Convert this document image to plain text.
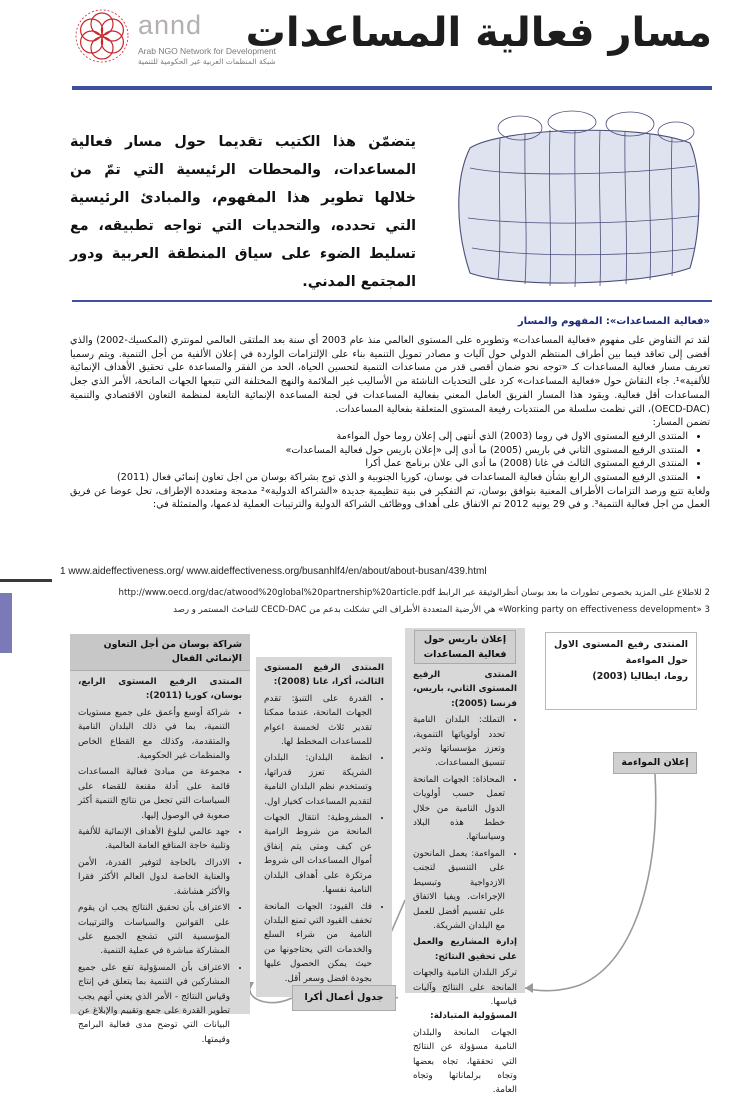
annd
Arab NGO Network for Development
شبكة المنظمات العربية غير الحكومية للتنمية
مسار فعالية المساعدات

يتضمّن هذا الكتيب تقديما حول مسار فعالية المساعدات، والمحطات الرئيسية التي تمّ من خلالها تطوير هذا المفهوم، والمبادئ الرئيسية التي تحدده، والتحديات التي تواجه تطبيقه، مع تسليط الضوء على سياق المنطقة العربية ودور المجتمع المدني.

«فعالية المساعدات»: المفهوم والمسار

لقد تم التفاوض على مفهوم «فعالية المساعدات» وتطويره على المستوى العالمي منذ عام 2003 أي سنة بعد الملتقى العالمي لمونتري (المكسيك-2002) والذي أفضى إلى تعاقد فيما بين أطراف المنتظم الدولي حول آليات و مصادر تمويل التنمية بناء على الإلتزامات الواردة في إعلان الألفية من أجل التنمية. ويتم رسميا تعريف مسار فعالية المساعدات كـ «توجه نحو ضمان أقصى قدر من مساعدات التنمية لتحسين الحياة، الحد من الفقر والمساعدة على تحقيق الأهداف الإنمائية للألفية»¹. جاء النقاش حول «فعالية المساعدات» كرد على التحديات الناشئة من الأساليب غير الملائمة والنهج المختلفة التي تتبعها الجهات المانحة، الأمر الذي جعل المساعدات أقل فعالية. ويقود هذا المسار الفريق العامل المعني بفعالية المساعدات في لجنة المساعدة الإنمائية التابعة لمنظمة التعاون الاقتصادي والتنمية (OECD-DAC)، التي نظمت سلسلة من المنتديات رفيعة المستوى المتعلقة بفعالية المساعدات.

تضمن المسار:

• المنتدى الرفيع المستوى الاول في روما (2003) الذي أنتهى إلى إعلان روما حول المواءمة
• المنتدى الرفيع المستوى الثاني في باريس (2005) ما أدى إلى «إعلان باريس حول فعالية المساعدات»
• المنتدى الرفيع المستوى الثالث في غانا (2008) ما أدى الى علان برنامج عمل أكرا
• المنتدى الرفيع المستوى الرابع بشأن فعالية المساعدات في بوسان، كوريا الجنوبية و الذي توج بشراكة بوسان من اجل تعاون إنمائي فعال (2011)

ولغاية تتبع ورصد التزامات الأطراف المعنية بتوافق بوسان، تم التفكير في بنية تنظيمية جديدة «الشراكة الدولية»² مدمجة ومتعددة الإطراف، تحل عوضا عن فريق العمل من اجل فعالية التنمية³. و في 29 يونيه 2012 تم الاتفاق على أهداف ووظائف الشراكة الدولية والترتيبات العملية لدعمها، والمتمثلة في:

1 www.aideffectiveness.org/ www.aideffectiveness.org/busanhlf4/en/about/about-busan/439.html
2 للاطلاع على المزيد بخصوص تطورات ما بعد بوسان أنظرالوثيقة عبر الرابط http://www.oecd.org/dac/atwood%20global%20partnership%20article.pdf
3 «Working party on effectiveness development» هي الأرضية المتعددة الأطراف التي تشكلت بدعم من CECD-DAC للتباحث المستمر و رصد
المنتدى رفيع المستوى الاول حول المواءمة
روما، ايطاليا (2003)
إعلان المواءمة
المنتدى الرفيع المستوى الثاني، باريس، فرنسا (2005):
• التملك: البلدان النامية تحدد أولوياتها التنموية، وتعزز مؤسساتها وتدير تنسيق المساعدات.
• المحاذاة: الجهات المانحة تعمل حسب أولويات الدول النامية من خلال خطط هذه البلاد وسياساتها.
• المواءمة: يعمل المانحون على التنسيق لتجنب الازدواجية وتبسيط الإجراءات. ويفيا الاتفاق على تقسيم أفضل للعمل مع البلدان الشريكة.
إدارة المشاريع والعمل على تحقيق النتائج:
تركز البلدان النامية والجهات المانحة على النتائج وآليات قياسها.
المسؤولية المتبادلة:
الجهات المانحة والبلدان النامية مسؤولة عن النتائج التي تحققها، تجاه بعضها وتجاه برلماناتها وتجاه العامة.
إعلان باريس حول فعالية المساعدات
المنتدى الرفيع المستوى الثالث، أكرا، غانا (2008):
• القدرة على التنبؤ: تقدم الجهات المانحة، عندما ممكنا تقدير ثلاث لخمسة اعوام للمساعدات المخطط لها.
• انظمة البلدان: البلدان الشريكة تعزز قدراتها، وتستخدم نظم البلدان النامية لتقديم المساعدات كخيار اول.
• المشروطية: انتقال الجهات المانحة من شروط الزامية عن كيف ومتى يتم إنفاق أموال المساعدات الى شروط مرتكزة على أهداف البلدان النامية نفسها.
• فك القيود: الجهات المانحة تخفف القيود التي تمنع البلدان النامية من شراء السلع والخدمات التي يحتاجونها من حيث يمكن الحصول عليها بجودة افضل وسعر أقل.
جدول أعمال أكرا
شراكة بوسان من أجل التعاون الإنمائي الفعال
المنتدى الرفيع المستوى الرابع، بوسان، كوريا (2011):
• شراكة أوسع وأعمق على جميع مستويات التنمية، بما في ذلك البلدان النامية والمتقدمة، وكذلك مع القطاع الخاص والمنظمات غير الحكومية.
• مجموعة من مبادئ فعالية المساعدات قائمة على أدلة مقنعة للقضاء على السياسات التي تجعل من نتائج التنمية أكثر صعوبة في الوصول إليها.
• جهد عالمي لبلوغ الأهداف الإنمائية للألفية وتلبية حاجة المنافع العامة العالمية.
• الادراك بالحاجة لتوفير القدرة، الأمن والعناية الخاصة لدول العالم الأكثر فقرا والأكثر هشاشة.
• الاعتراف بأن تحقيق النتائج يجب ان يقوم على القوانين والسياسات والترتيبات المؤسسية التي تشجع الجميع على المشاركة مباشرة في عملية التنمية.
• الاعتراف بأن المسؤولية تقع على جميع المشاركين في التنمية بما يتعلق في إنتاج وقياس النتائج - الأمر الذي يعني أنهم يجب تطوير القدرة على جمع وتقييم والإبلاغ عن البيانات التي توضح مدى فعالية البرامج وقيمتها.
